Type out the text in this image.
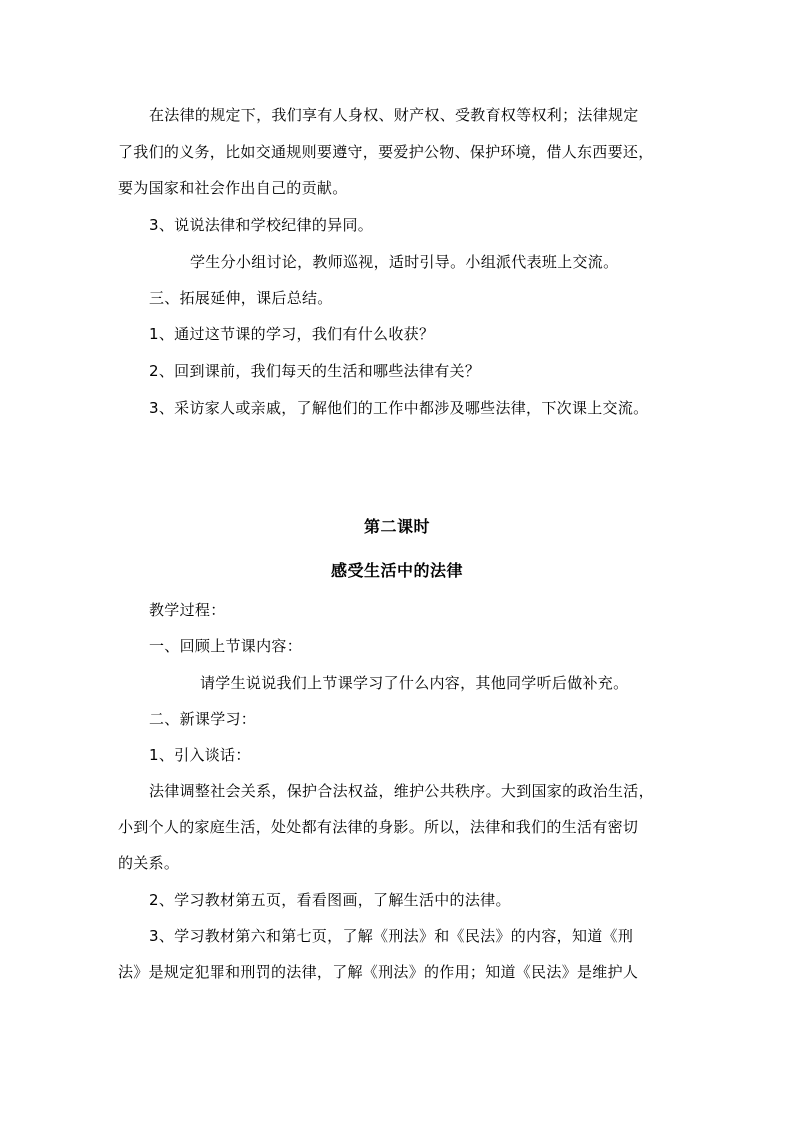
在法律的规定下，我们享有人身权、财产权、受教育权等权利；法律规定
了我们的义务，比如交通规则要遵守，要爱护公物、保护环境，借人东西要还，
要为国家和社会作出自己的贡献。
3、说说法律和学校纪律的异同。
学生分小组讨论，教师巡视，适时引导。小组派代表班上交流。
三、拓展延伸，课后总结。
1、通过这节课的学习，我们有什么收获？
2、回到课前，我们每天的生活和哪些法律有关？
3、采访家人或亲戚，了解他们的工作中都涉及哪些法律，下次课上交流。
第二课时
感受生活中的法律
教学过程：
一、回顾上节课内容：
请学生说说我们上节课学习了什么内容，其他同学听后做补充。
二、新课学习：
1、引入谈话：
法律调整社会关系，保护合法权益，维护公共秩序。大到国家的政治生活，
小到个人的家庭生活，处处都有法律的身影。所以，法律和我们的生活有密切
的关系。
2、学习教材第五页，看看图画，了解生活中的法律。
3、学习教材第六和第七页，了解《刑法》和《民法》的内容，知道《刑
法》是规定犯罪和刑罚的法律，了解《刑法》的作用；知道《民法》是维护人
